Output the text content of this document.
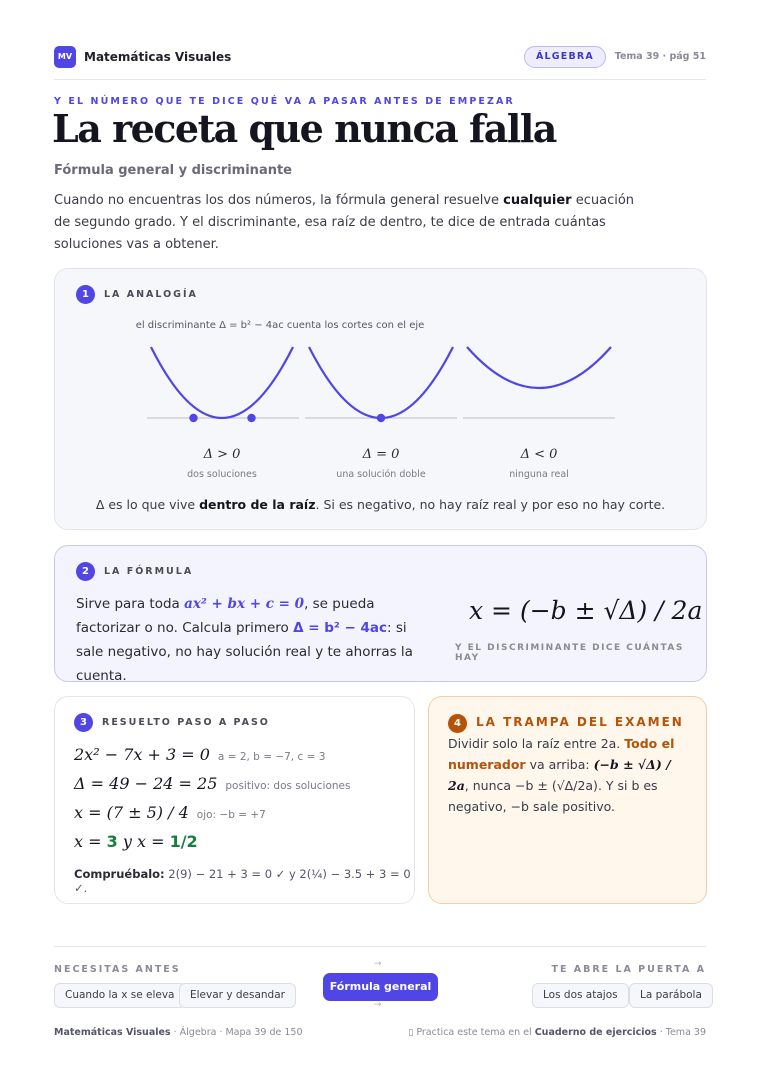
MV Matemáticas Visuales	ÁLGEBRA	Tema 39 · pág 51
Y EL NÚMERO QUE TE DICE QUÉ VA A PASAR ANTES DE EMPEZAR
La receta que nunca falla
Fórmula general y discriminante
Cuando no encuentras los dos números, la fórmula general resuelve cualquier ecuación de segundo grado. Y el discriminante, esa raíz de dentro, te dice de entrada cuántas soluciones vas a obtener.
1	LA ANALOGÍA
el discriminante Δ = b² − 4ac cuenta los cortes con el eje
Δ > 0
dos soluciones
Δ = 0
una solución doble
Δ < 0
ninguna real
Δ es lo que vive dentro de la raíz. Si es negativo, no hay raíz real y por eso no hay corte.
2	LA FÓRMULA
Sirve para toda ax² + bx + c = 0, se pueda factorizar o no. Calcula primero Δ = b² − 4ac: si sale negativo, no hay solución real y te ahorras la cuenta.
x = (−b ± √Δ) / 2a
Y EL DISCRIMINANTE DICE CUÁNTAS HAY
3	RESUELTO PASO A PASO
2x² − 7x + 3 = 0 a = 2, b = −7, c = 3
Δ = 49 − 24 = 25 positivo: dos soluciones
x = (7 ± 5) / 4 ojo: −b = +7
x = 3 y x = 1/2
Compruébalo: 2(9) − 21 + 3 = 0 ✓ y 2(¼) − 3.5 + 3 = 0 ✓.
4	LA TRAMPA DEL EXAMEN
Dividir solo la raíz entre 2a. Todo el numerador va arriba: (−b ± √Δ) / 2a, nunca −b ± (√Δ/2a). Y si b es negativo, −b sale positivo.
NECESITAS ANTES
Cuando la x se eleva	Elevar y desandar
→
Fórmula general
→
TE ABRE LA PUERTA A
Los dos atajos	La parábola
Matemáticas Visuales · Álgebra · Mapa 39 de 150	▯ Practica este tema en el Cuaderno de ejercicios · Tema 39
